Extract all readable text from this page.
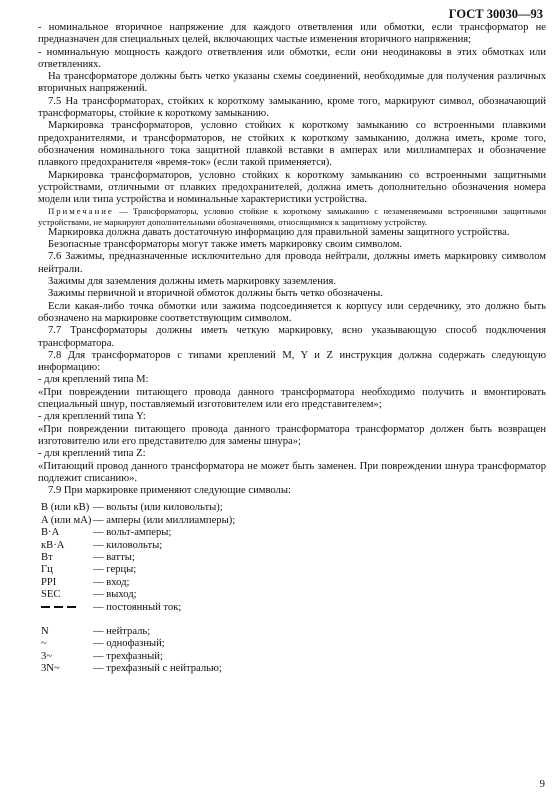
ГОСТ 30030—93

- номинальное вторичное напряжение для каждого ответвления или обмотки, если трансформатор не предназначен для специальных целей, включающих частые изменения вторичного напряжения;

- номинальную мощность каждого ответвления или обмотки, если они неодинаковы в этих обмотках или ответвлениях.

На трансформаторе должны быть четко указаны схемы соединений, необходимые для получения различных вторичных напряжений.

7.5 На трансформаторах, стойких к короткому замыканию, кроме того, маркируют символ, обозначающий трансформаторы, стойкие к короткому замыканию.

Маркировка трансформаторов, условно стойких к короткому замыканию со встроенными плавкими предохранителями, и трансформаторов, не стойких к короткому замыканию, должна иметь, кроме того, обозначения номинального тока защитной плавкой вставки в амперах или миллиамперах и обозначение плавкого предохранителя «время-ток» (если такой применяется).

Маркировка трансформаторов, условно стойких к короткому замыканию со встроенными защитными устройствами, отличными от плавких предохранителей, должна иметь дополнительно обозначения номера модели или типа устройства и номинальные характеристики устройства.

Примечание — Трансформаторы, условно стойкие к короткому замыканию с незаменяемыми встроенными защитными устройствами, не маркируют дополнительными обозначениями, относящимися к защитному устройству.

Маркировка должна давать достаточную информацию для правильной замены защитного устройства.

Безопасные трансформаторы могут также иметь маркировку своим символом.

7.6 Зажимы, предназначенные исключительно для провода нейтрали, должны иметь маркировку символом нейтрали.

Зажимы для заземления должны иметь маркировку заземления.

Зажимы первичной и вторичной обмоток должны быть четко обозначены.

Если какая-либо точка обмотки или зажима подсоединяется к корпусу или сердечнику, это должно быть обозначено на маркировке соответствующим символом.

7.7 Трансформаторы должны иметь четкую маркировку, ясно указывающую способ подключения трансформатора.

7.8 Для трансформаторов с типами креплений M, Y и Z инструкция должна содержать следующую информацию:

- для креплений типа M:

«При повреждении питающего провода данного трансформатора необходимо получить и вмонтировать специальный шнур, поставляемый изготовителем или его представителем»;

- для креплений типа Y:

«При повреждении питающего провода данного трансформатора трансформатор должен быть возвращен изготовителю или его представителю для замены шнура»;

- для креплений типа Z:

«Питающий провод данного трансформатора не может быть заменен. При повреждении шнура трансформатор подлежит списанию».

7.9 При маркировке применяют следующие символы:

B (или кВ) — вольты (или киловольты);
A (или мА) — амперы (или миллиамперы);
B·A	— вольт-амперы;
кB·A	— киловольты;
Вт	— ватты;
Гц	— герцы;
PPI	— вход;
SEC	— выход;
— постоянный ток;
N	— нейтраль;
~	— однофазный;
3~	— трехфазный;
3N~	— трехфазный с нейтралью;
9
